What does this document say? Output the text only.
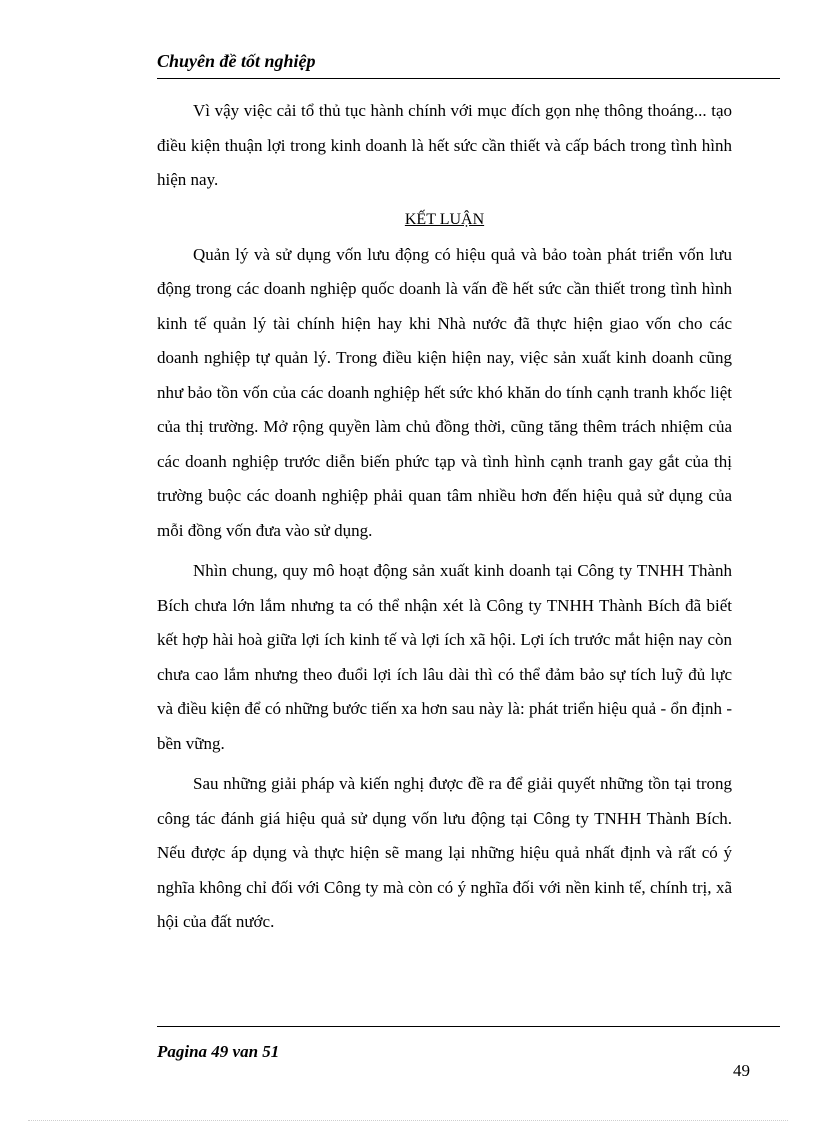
Chuyên đề tốt nghiệp

Vì vậy việc cải tổ thủ tục hành chính với mục đích gọn nhẹ thông thoáng... tạo điều kiện thuận lợi trong kinh doanh là hết sức cần thiết và cấp bách trong tình hình hiện nay.

KẾT LUẬN

Quản lý và sử dụng vốn lưu động có hiệu quả và bảo toàn phát triển vốn lưu động trong các doanh nghiệp quốc doanh là vấn đề hết sức cần thiết trong tình hình kinh tế quản lý tài chính hiện hay khi Nhà nước đã thực hiện giao vốn cho các doanh nghiệp tự quản lý. Trong điều kiện hiện nay, việc sản xuất kinh doanh cũng như bảo tồn vốn của các doanh nghiệp hết sức khó khăn do tính cạnh tranh khốc liệt của thị trường. Mở rộng quyền làm chủ đồng thời, cũng tăng thêm trách nhiệm của các doanh nghiệp trước diễn biến phức tạp và tình hình cạnh tranh gay gắt của thị trường buộc các doanh nghiệp phải quan tâm nhiều hơn đến hiệu quả sử dụng của mỗi đồng vốn đưa vào sử dụng.

Nhìn chung, quy mô hoạt động sản xuất kinh doanh tại Công ty TNHH Thành Bích chưa lớn lắm nhưng ta có thể nhận xét là Công ty TNHH Thành Bích đã biết kết hợp hài hoà giữa lợi ích kinh tế và lợi ích xã hội. Lợi ích trước mắt hiện nay còn chưa cao lắm nhưng theo đuổi lợi ích lâu dài thì có thể đảm bảo sự tích luỹ đủ lực và điều kiện để có những bước tiến xa hơn sau này là: phát triển hiệu quả - ổn định - bền vững.

Sau những giải pháp và kiến nghị được đề ra để giải quyết những tồn tại trong công tác đánh giá hiệu quả sử dụng vốn lưu động tại Công ty TNHH Thành Bích. Nếu được áp dụng và thực hiện sẽ mang lại những hiệu quả nhất định và rất có ý nghĩa không chỉ đối với Công ty mà còn có ý nghĩa đối với nền kinh tế, chính trị, xã hội của đất nước.

Pagina 49 van 51
49
